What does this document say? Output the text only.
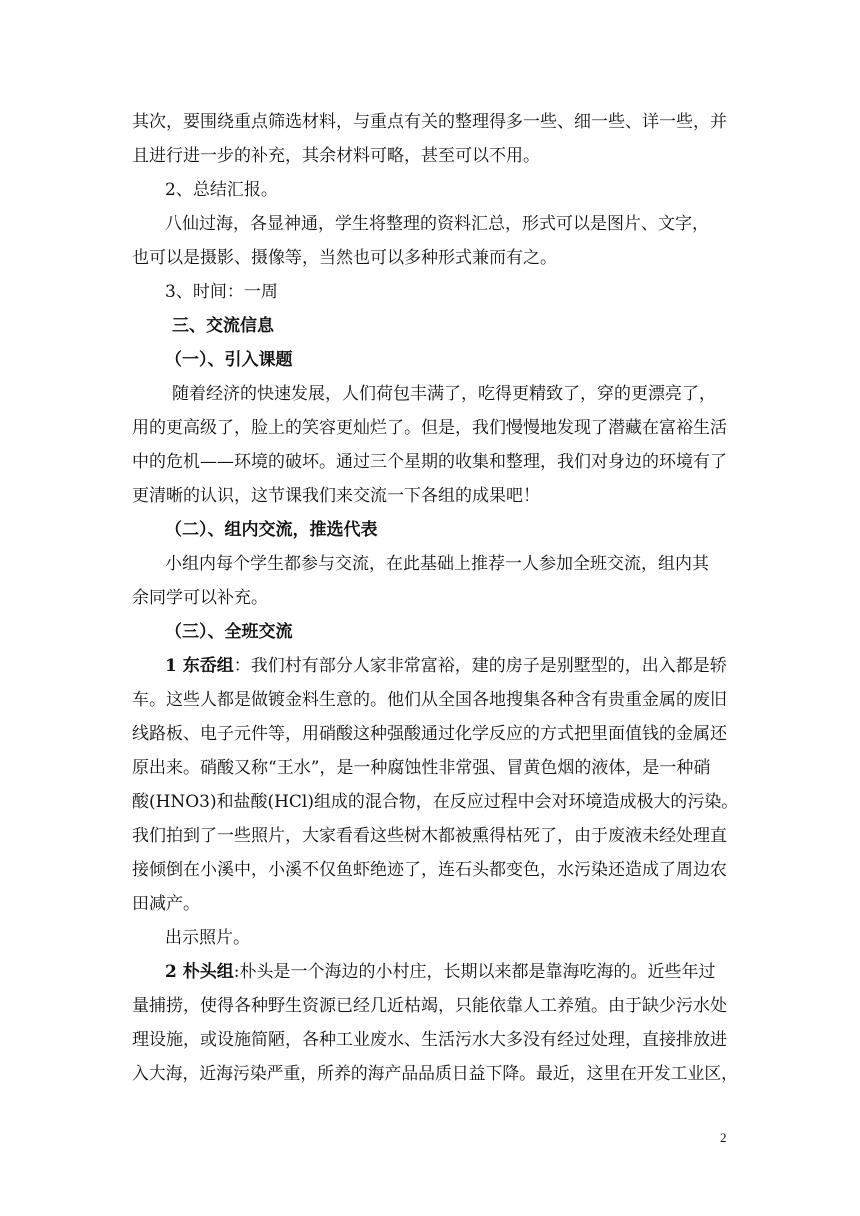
其次，要围绕重点筛选材料，与重点有关的整理得多一些、细一些、详一些，并
且进行进一步的补充，其余材料可略，甚至可以不用。
2、总结汇报。
八仙过海，各显神通，学生将整理的资料汇总，形式可以是图片、文字，
也可以是摄影、摄像等，当然也可以多种形式兼而有之。
3、时间：一周
三、交流信息
（一）、引入课题
随着经济的快速发展，人们荷包丰满了，吃得更精致了，穿的更漂亮了，
用的更高级了，脸上的笑容更灿烂了。但是，我们慢慢地发现了潜藏在富裕生活
中的危机——环境的破坏。通过三个星期的收集和整理，我们对身边的环境有了
更清晰的认识，这节课我们来交流一下各组的成果吧！
（二）、组内交流，推选代表
小组内每个学生都参与交流，在此基础上推荐一人参加全班交流，组内其
余同学可以补充。
（三）、全班交流
1 东岙组：我们村有部分人家非常富裕，建的房子是别墅型的，出入都是轿
车。这些人都是做镀金料生意的。他们从全国各地搜集各种含有贵重金属的废旧
线路板、电子元件等，用硝酸这种强酸通过化学反应的方式把里面值钱的金属还
原出来。硝酸又称“王水”，是一种腐蚀性非常强、冒黄色烟的液体，是一种硝
酸(HNO3)和盐酸(HCl)组成的混合物，在反应过程中会对环境造成极大的污染。
我们拍到了一些照片，大家看看这些树木都被熏得枯死了，由于废液未经处理直
接倾倒在小溪中，小溪不仅鱼虾绝迹了，连石头都变色，水污染还造成了周边农
田减产。
出示照片。
2 朴头组:朴头是一个海边的小村庄，长期以来都是靠海吃海的。近些年过
量捕捞，使得各种野生资源已经几近枯竭，只能依靠人工养殖。由于缺少污水处
理设施，或设施简陋，各种工业废水、生活污水大多没有经过处理，直接排放进
入大海，近海污染严重，所养的海产品品质日益下降。最近，这里在开发工业区，
2
